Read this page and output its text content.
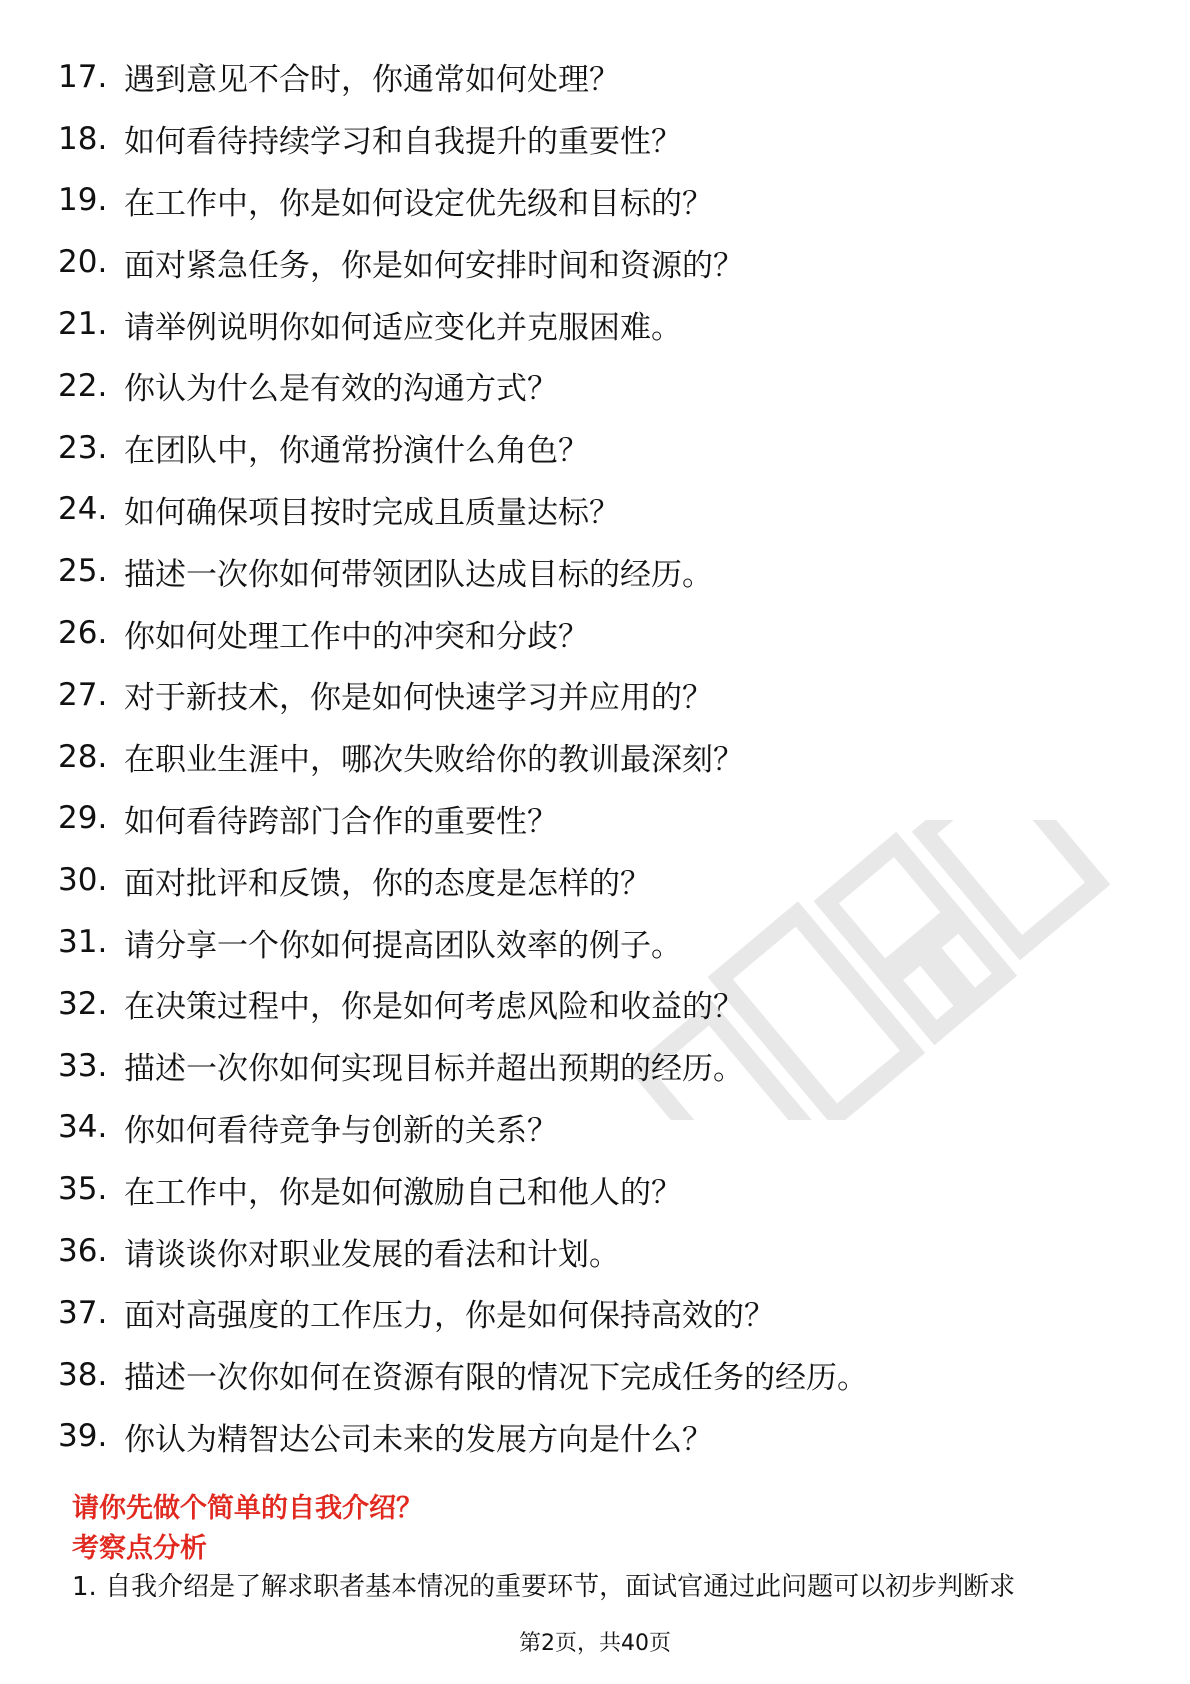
17. 遇到意见不合时，你通常如何处理？
18. 如何看待持续学习和自我提升的重要性？
19. 在工作中，你是如何设定优先级和目标的？
20. 面对紧急任务，你是如何安排时间和资源的？
21. 请举例说明你如何适应变化并克服困难。
22. 你认为什么是有效的沟通方式？
23. 在团队中，你通常扮演什么角色？
24. 如何确保项目按时完成且质量达标？
25. 描述一次你如何带领团队达成目标的经历。
26. 你如何处理工作中的冲突和分歧？
27. 对于新技术，你是如何快速学习并应用的？
28. 在职业生涯中，哪次失败给你的教训最深刻？
29. 如何看待跨部门合作的重要性？
30. 面对批评和反馈，你的态度是怎样的？
31. 请分享一个你如何提高团队效率的例子。
32. 在决策过程中，你是如何考虑风险和收益的？
33. 描述一次你如何实现目标并超出预期的经历。
34. 你如何看待竞争与创新的关系？
35. 在工作中，你是如何激励自己和他人的？
36. 请谈谈你对职业发展的看法和计划。
37. 面对高强度的工作压力，你是如何保持高效的？
38. 描述一次你如何在资源有限的情况下完成任务的经历。
39. 你认为精智达公司未来的发展方向是什么？
请你先做个简单的自我介绍？
考察点分析
1. 自我介绍是了解求职者基本情况的重要环节，面试官通过此问题可以初步判断求
第2页，共40页
